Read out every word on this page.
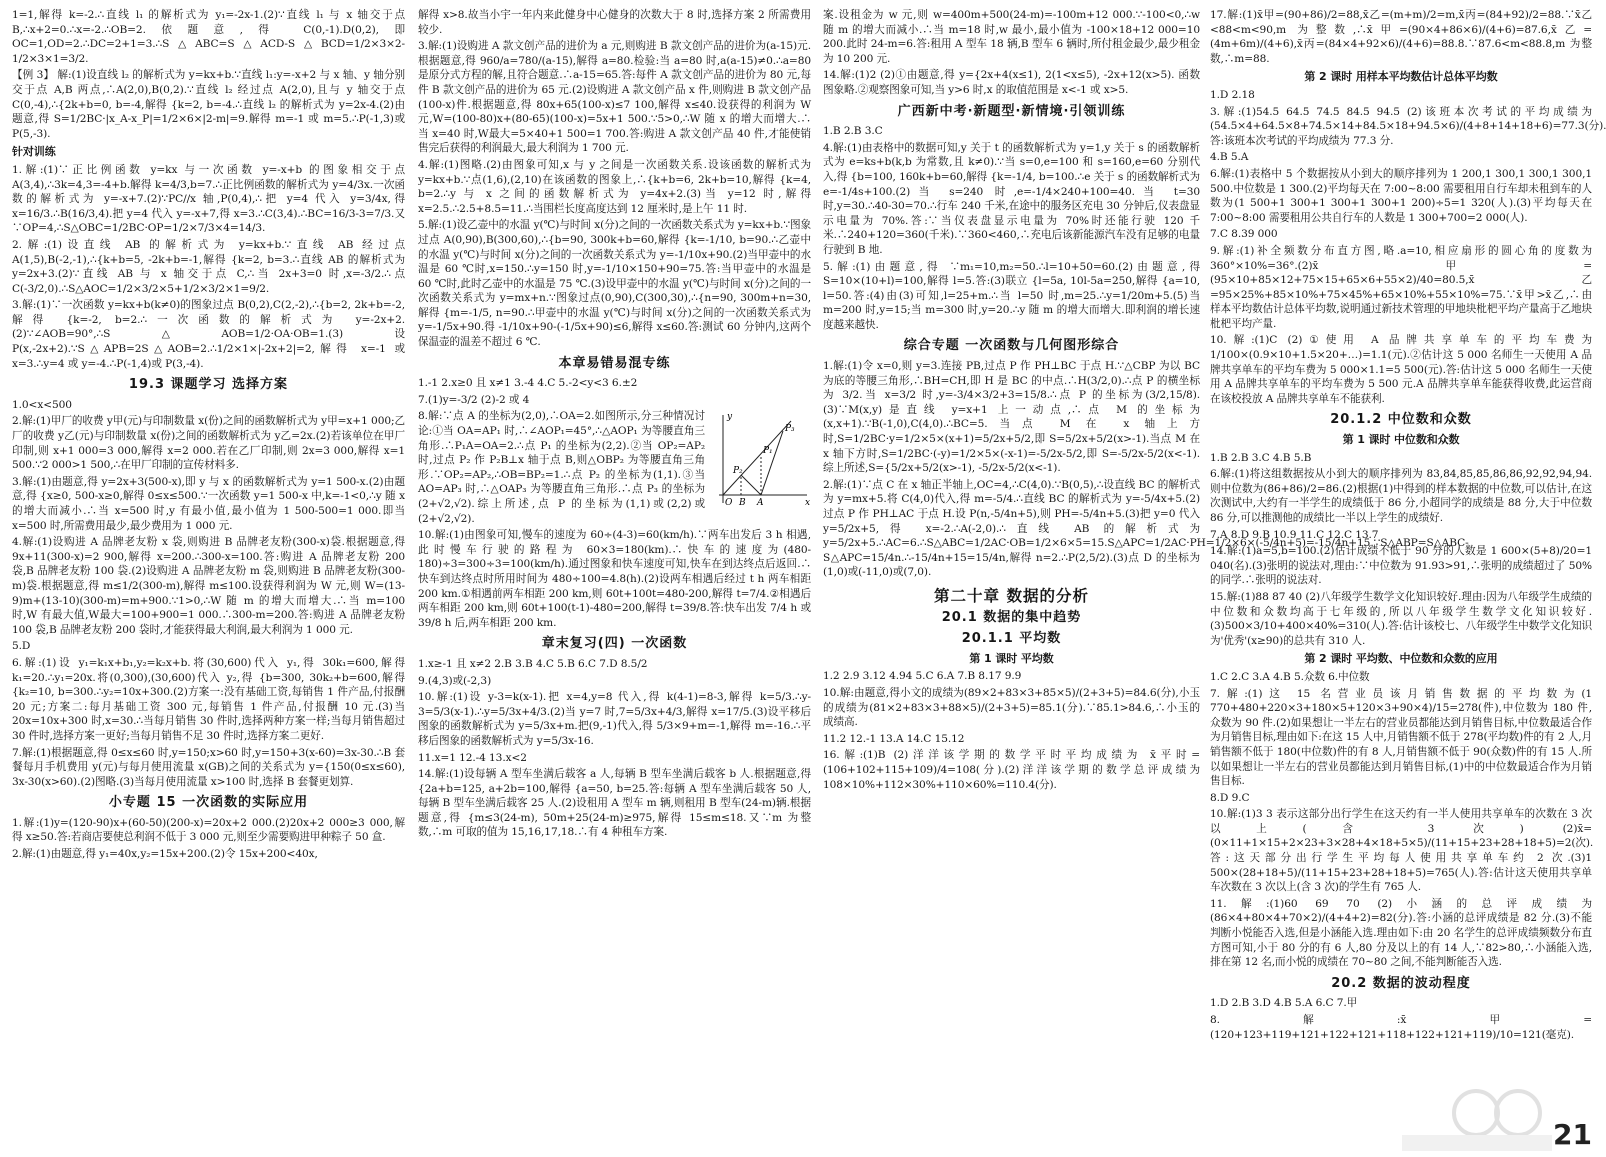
1=1,解得 k=-2.∴直线 l₁ 的解析式为 y₁=-2x-1.(2)∵直线 l₁ 与 x 轴交于点 B,∴x+2=0.∴x=-2.∴OB=2.依题意,得 C(0,-1).D(0,2),即 OC=1,OD=2.∴DC=2+1=3.∴S△ABC=S△ACD-S△BCD=1/2×3×2-1/2×3×1=3/2.
【例 3】 解:(1)设直线 l₂ 的解析式为 y=kx+b.∵直线 l₁:y=-x+2 与 x 轴、y 轴分别交于点 A,B 两点,∴A(2,0),B(0,2).∵直线 l₂ 经过点 A(2,0),且与 y 轴交于点 C(0,-4),∴{2k+b=0, b=-4,解得 {k=2, b=-4.∴直线 l₂ 的解析式为 y=2x-4.(2)由题意,得 S=1/2BC·|x_A-x_P|=1/2×6×|2-m|=9.解得 m=-1 或 m=5.∴P(-1,3)或 P(5,-3).
针对训练
1.解:(1)∵正比例函数 y=kx 与一次函数 y=-x+b 的图象相交于点 A(3,4),∴3k=4,3=-4+b.解得 k=4/3,b=7.∴正比例函数的解析式为 y=4/3x.一次函数的解析式为 y=-x+7.(2)∵PC//x 轴,P(0,4),∴把 y=4 代入 y=3/4x,得 x=16/3.∴B(16/3,4).把 y=4 代入 y=-x+7,得 x=3.∴C(3,4).∴BC=16/3-3=7/3.又∵OP=4,∴S△OBC=1/2BC·OP=1/2×7/3×4=14/3.
2.解:(1)设直线 AB 的解析式为 y=kx+b.∵直线 AB 经过点 A(1,5),B(-2,-1),∴{k+b=5, -2k+b=-1,解得 {k=2, b=3.∴直线 AB 的解析式为 y=2x+3.(2)∵直线 AB 与 x 轴交于点 C,∴当 2x+3=0 时,x=-3/2.∴点 C(-3/2,0).∴S△AOC=1/2×3/2×5+1/2×3/2×1=9/2.
3.解:(1)∵一次函数 y=kx+b(k≠0)的图象过点 B(0,2),C(2,-2),∴{b=2, 2k+b=-2,解得 {k=-2, b=2.∴一次函数的解析式为 y=-2x+2.(2)∵∠AOB=90°,∴S△AOB=1/2·OA·OB=1.(3)设 P(x,-2x+2).∵S△APB=2S△AOB=2.∴1/2×1×|-2x+2|=2,解得 x=-1 或 x=3.∴y=4 或 y=-4.∴P(-1,4)或 P(3,-4).
19.3 课题学习 选择方案
1.0<x<500
2.解:(1)甲厂的收费 y甲(元)与印制数量 x(份)之间的函数解析式为 y甲=x+1 000;乙厂的收费 y乙(元)与印制数量 x(份)之间的函数解析式为 y乙=2x.(2)若该单位在甲厂印制,则 x+1 000=3 000,解得 x=2 000.若在乙厂印制,则 2x=3 000,解得 x=1 500.∵2 000>1 500,∴在甲厂印制的宣传材料多.
3.解:(1)由题意,得 y=2x+3(500-x),即 y 与 x 的函数解析式为 y=1 500-x.(2)由题意,得 {x≥0, 500-x≥0,解得 0≤x≤500.∵一次函数 y=1 500-x 中,k=-1<0,∴y 随 x 的增大而减小.∴当 x=500 时,y 有最小值,最小值为 1 500-500=1 000.即当 x=500 时,所需费用最少,最少费用为 1 000 元.
4.解:(1)设购进 A 品牌老友粉 x 袋,则购进 B 品牌老友粉(300-x)袋.根据题意,得 9x+11(300-x)=2 900,解得 x=200.∴300-x=100.答:购进 A 品牌老友粉 200 袋,B 品牌老友粉 100 袋.(2)设购进 A 品牌老友粉 m 袋,则购进 B 品牌老友粉(300-m)袋.根据题意,得 m≤1/2(300-m),解得 m≤100.设获得利润为 W 元,则 W=(13-9)m+(13-10)(300-m)=m+900.∵1>0,∴W 随 m 的增大而增大.∴当 m=100 时,W 有最大值,W最大=100+900=1 000.∴300-m=200.答:购进 A 品牌老友粉 100 袋,B 品牌老友粉 200 袋时,才能获得最大利润,最大利润为 1 000 元.
5.D
6.解:(1)设 y₁=k₁x+b₁,y₂=k₂x+b.将(30,600)代入 y₁,得 30k₁=600,解得 k₁=20.∴y₁=20x.将(0,300),(30,600)代入 y₂,得 {b=300, 30k₂+b=600,解得 {k₂=10, b=300.∴y₂=10x+300.(2)方案一:没有基础工资,每销售 1 件产品,付报酬 20 元;方案二:每月基础工资 300 元,每销售 1 件产品,付报酬 10 元.(3)当 20x=10x+300 时,x=30.∴当每月销售 30 件时,选择两种方案一样;当每月销售超过 30 件时,选择方案一更好;当每月销售不足 30 件时,选择方案二更好.
7.解:(1)根据题意,得 0≤x≤60 时,y=150;x>60 时,y=150+3(x-60)=3x-30.∴B 套餐每月手机费用 y(元)与每月使用流量 x(GB)之间的关系式为 y={150(0≤x≤60), 3x-30(x>60).(2)图略.(3)当每月使用流量 x>100 时,选择 B 套餐更划算.
小专题 15 一次函数的实际应用
1.解:(1)y=(120-90)x+(60-50)(200-x)=20x+2 000.(2)20x+2 000≥3 000,解得 x≥50.答:若商店要使总利润不低于 3 000 元,则至少需要购进甲种粽子 50 盒.
2.解:(1)由题意,得 y₁=40x,y₂=15x+200.(2)令 15x+200<40x,
解得 x>8.故当小宇一年内来此健身中心健身的次数大于 8 时,选择方案 2 所需费用较少.
3.解:(1)设购进 A 款文创产品的进价为 a 元,则购进 B 款文创产品的进价为(a-15)元.根据题意,得 960/a=780/(a-15),解得 a=80.检验:当 a=80 时,a(a-15)≠0.∴a=80 是原分式方程的解,且符合题意.∴a-15=65.答:每件 A 款文创产品的进价为 80 元,每件 B 款文创产品的进价为 65 元.(2)设购进 A 款文创产品 x 件,则购进 B 款文创产品(100-x)件.根据题意,得 80x+65(100-x)≤7 100,解得 x≤40.设获得的利润为 W 元,W=(100-80)x+(80-65)(100-x)=5x+1 500.∵5>0,∴W 随 x 的增大而增大.∴当 x=40 时,W最大=5×40+1 500=1 700.答:购进 A 款文创产品 40 件,才能使销售完后获得的利润最大,最大利润为 1 700 元.
4.解:(1)图略.(2)由图象可知,x 与 y 之间是一次函数关系.设该函数的解析式为 y=kx+b.∵点(1,6),(2,10)在该函数的图象上,∴{k+b=6, 2k+b=10,解得 {k=4, b=2.∴y 与 x 之间的函数解析式为 y=4x+2.(3)当 y=12 时,解得 x=2.5.∴2.5+8.5=11.∴当围栏长度高度达到 12 厘米时,是上午 11 时.
5.解:(1)设乙壶中的水温 y(℃)与时间 x(分)之间的一次函数关系式为 y=kx+b.∵图象过点 A(0,90),B(300,60),∴{b=90, 300k+b=60,解得 {k=-1/10, b=90.∴乙壶中的水温 y(℃)与时间 x(分)之间的一次函数关系式为 y=-1/10x+90.(2)当甲壶中的水温是 60 ℃时,x=150.∴y=150 时,y=-1/10×150+90=75.答:当甲壶中的水温是 60 ℃时,此时乙壶中的水温是 75 ℃.(3)设甲壶中的水温 y(℃)与时间 x(分)之间的一次函数关系式为 y=mx+n.∵图象过点(0,90),C(300,30),∴{n=90, 300m+n=30,解得 {m=-1/5, n=90.∴甲壶中的水温 y(℃)与时间 x(分)之间的一次函数关系式为 y=-1/5x+90.得 -1/10x+90-(-1/5x+90)≤6,解得 x≤60.答:测试 60 分钟内,这两个保温壶的温差不超过 6 ℃.
本章易错易混专练
1.-1 2.x≥0 且 x≠1 3.-4 4.C 5.-2<y<3 6.±2
7.(1)y=-3/2 (2)-2 或 4
O	A
B
P₁
P₂
P₃
x
y
8.解:∵点 A 的坐标为(2,0),∴OA=2.如图所示,分三种情况讨论:①当 OA=AP₁ 时,∴∠AOP₁=45°,∴△AOP₁ 为等腰直角三角形.∴P₁A=OA=2.∴点 P₁ 的坐标为(2,2).②当 OP₂=AP₂ 时,过点 P₂ 作 P₂B⊥x 轴于点 B,则△OBP₂ 为等腰直角三角形.∵OP₂=AP₂,∴OB=BP₂=1.∴点 P₂ 的坐标为(1,1).③当 AO=AP₃ 时,∴△OAP₃ 为等腰直角三角形.∴点 P₃ 的坐标为(2+√2,√2).综上所述,点 P 的坐标为(1,1)或(2,2)或(2+√2,√2).
10.解:(1)由图象可知,慢车的速度为 60÷(4-3)=60(km/h).∵两车出发后 3 h 相遇,此时慢车行驶的路程为 60×3=180(km).∴快车的速度为(480-180)÷3=300÷3=100(km/h).通过图象和快车速度可知,快车在到达终点后返回.∴快车到达终点时所用时间为 480÷100=4.8(h).(2)设两车相遇后经过 t h 两车相距 200 km.①相遇前两车相距 200 km,则 60t+100t=480-200,解得 t=7/4.②相遇后两车相距 200 km,则 60t+100(t-1)-480=200,解得 t=39/8.答:快车出发 7/4 h 或 39/8 h 后,两车相距 200 km.
章末复习(四) 一次函数
1.x≥-1 且 x≠2 2.B 3.B 4.C 5.B 6.C 7.D 8.5/2
9.(4,3)或(-2,3)
10.解:(1)设 y-3=k(x-1).把 x=4,y=8 代入,得 k(4-1)=8-3,解得 k=5/3.∴y-3=5/3(x-1).∴y=5/3x+4/3.(2)当 y=7 时,7=5/3x+4/3,解得 x=17/5.(3)设平移后图象的函数解析式为 y=5/3x+m.把(9,-1)代入,得 5/3×9+m=-1,解得 m=-16.∴平移后图象的函数解析式为 y=5/3x-16.
11.x=1 12.-4 13.x<2
14.解:(1)设每辆 A 型车坐满后载客 a 人,每辆 B 型车坐满后载客 b 人.根据题意,得 {2a+b=125, a+2b=100,解得 {a=50, b=25.答:每辆 A 型车坐满后载客 50 人,每辆 B 型车坐满后载客 25 人.(2)设租用 A 型车 m 辆,则租用 B 型车(24-m)辆.根据题意,得 {m≤3(24-m), 50m+25(24-m)≥975,解得 15≤m≤18.又∵m 为整数,∴m 可取的值为 15,16,17,18.∴有 4 种租车方案.
案.设租金为 w 元,则 w=400m+500(24-m)=-100m+12 000.∵-100<0,∴w 随 m 的增大而减小.∴当 m=18 时,w 最小,最小值为 -100×18+12 000=10 200.此时 24-m=6.答:租用 A 型车 18 辆,B 型车 6 辆时,所付租金最少,最少租金为 10 200 元.
14.解:(1)2 (2)①由题意,得 y={2x+4(x≤1), 2(1<x≤5), -2x+12(x>5). 函数图象略.②观察图象可知,当 y>6 时,x 的取值范围是 x<-1 或 x>5.
广西新中考·新题型·新情境·引领训练
1.B 2.B 3.C
4.解:(1)由表格中的数据可知,y 关于 t 的函数解析式为 y=1,y 关于 s 的函数解析式为 e=ks+b(k,b 为常数,且 k≠0).∵当 s=0,e=100 和 s=160,e=60 分别代入,得 {b=100, 160k+b=60,解得 {k=-1/4, b=100.∴e 关于 s 的函数解析式为 e=-1/4s+100.(2)当 s=240 时,e=-1/4×240+100=40.当 t=30 时,y=30.∴40-30=70.∴行车 240 千米,在途中的服务区充电 30 分钟后,仪表盘显示电量为 70%.答:∵当仪表盘显示电量为 70%时还能行驶 120 千米.∴240+120=360(千米).∵360<460,∴充电后该新能源汽车没有足够的电量行驶到 B 地.
5.解:(1)由题意,得 ∵m₁=10,m₂=50.∴l=10+50=60.(2)由题意,得 S=10×(10+l)=100,解得 l=5.答:(3)联立 {l=5a, 10l-5a=250,解得 {a=10, l=50.答:(4)由(3)可知,l=25+m.∴当 l=50 时,m=25.∴y=1/20m+5.(5)当 m=200 时,y=15;当 m=300 时,y=20.∴y 随 m 的增大而增大.即利润的增长速度越来越快.
综合专题 一次函数与几何图形综合
1.解:(1)令 x=0,则 y=3.连接 PB,过点 P 作 PH⊥BC 于点 H.∵△CBP 为以 BC 为底的等腰三角形,∴BH=CH,即 H 是 BC 的中点.∴H(3/2,0).∴点 P 的横坐标为 3/2.当 x=3/2 时,y=-3/4×3/2+3=15/8.∴点 P 的坐标为(3/2,15/8).(3)∵M(x,y)是直线 y=x+1 上一动点,∴点 M 的坐标为(x,x+1).∵B(-1,0),C(4,0).∴BC=5.当点 M 在 x 轴上方时,S=1/2BC·y=1/2×5×(x+1)=5/2x+5/2,即 S=5/2x+5/2(x>-1).当点 M 在 x 轴下方时,S=1/2BC·(-y)=1/2×5×(-x-1)=-5/2x-5/2,即 S=-5/2x-5/2(x<-1).综上所述,S={5/2x+5/2(x>-1), -5/2x-5/2(x<-1).
2.解:(1)∵点 C 在 x 轴正半轴上,OC=4,∴C(4,0).∵B(0,5),∴设直线 BC 的解析式为 y=mx+5.将 C(4,0)代入,得 m=-5/4.∴直线 BC 的解析式为 y=-5/4x+5.(2)过点 P 作 PH⊥AC 于点 H.设 P(n,-5/4n+5),则 PH=-5/4n+5.(3)把 y=0 代入 y=5/2x+5,得 x=-2.∴A(-2,0).∴直线 AB 的解析式为 y=5/2x+5.∴AC=6.∴S△ABC=1/2AC·OB=1/2×6×5=15.S△APC=1/2AC·PH=1/2×6×(-5/4n+5)=-15/4n+15.∵S△ABP=S△ABC-S△APC=15/4n.∴-15/4n+15=15/4n,解得 n=2.∴P(2,5/2).(3)点 D 的坐标为(1,0)或(-11,0)或(7,0).
第二十章 数据的分析
20.1 数据的集中趋势
20.1.1 平均数
第 1 课时 平均数
1.2 2.9 3.12 4.94 5.C 6.A 7.B 8.17 9.9
10.解:由题意,得小文的成绩为(89×2+83×3+85×5)/(2+3+5)=84.6(分),小玉的成绩为(81×2+83×3+88×5)/(2+3+5)=85.1(分).∵85.1>84.6,∴小玉的成绩高.
11.2 12.-1 13.A 14.C 15.12
16.解:(1)B (2)洋洋该学期的数学平时平均成绩为 x̄平时=(106+102+115+109)/4=108(分).(2)洋洋该学期的数学总评成绩为 108×10%+112×30%+110×60%=110.4(分).
17.解:(1)x̄甲=(90+86)/2=88,x̄乙=(m+m)/2=m,x̄丙=(84+92)/2=88.∵x̄乙<88<m<90,m 为整数,∴x̄甲=(90×4+86×6)/(4+6)=87.6,x̄乙=(4m+6m)/(4+6),x̄丙=(84×4+92×6)/(4+6)=88.8.∵87.6<m<88.8,m 为整数,∴m=88.
第 2 课时 用样本平均数估计总体平均数
1.D 2.18
3.解:(1)54.5 64.5 74.5 84.5 94.5 (2)该班本次考试的平均成绩为(54.5×4+64.5×8+74.5×14+84.5×18+94.5×6)/(4+8+14+18+6)=77.3(分).答:该班本次考试的平均成绩为 77.3 分.
4.B 5.A
6.解:(1)表格中 5 个数据按从小到大的顺序排列为 1 200,1 300,1 300,1 300,1 500.中位数是 1 300.(2)平均每天在 7:00~8:00 需要租用自行车却未租到车的人数为(1 500+1 300+1 300+1 300+1 200)÷5=1 320(人).(3)平均每天在 7:00~8:00 需要租用公共自行车的人数是 1 300+700=2 000(人).
7.C 8.39 000
9.解:(1)补全频数分布直方图,略.a=10,相应扇形的圆心角的度数为 360°×10%=36°.(2)x̄甲=(95×10+85×12+75×15+65×6+55×2)/40=80.5,x̄乙=95×25%+85×10%+75×45%+65×10%+55×10%=75.∵x̄甲>x̄乙,∴由样本平均数估计总体平均数,说明通过新技术管理的甲地块枇杷平均产量高于乙地块枇杷平均产量.
10.解:(1)C (2)①使用 A 品牌共享单车的平均车费为 1/100×(0.9×10+1.5×20+…)=1.1(元).②估计这 5 000 名师生一天使用 A 品牌共享单车的平均车费为 5 000×1.1=5 500(元).答:估计这 5 000 名师生一天使用 A 品牌共享单车的平均车费为 5 500 元.A 品牌共享单车能获得收费,此运营商在该校投放 A 品牌共享单车不能获利.
20.1.2 中位数和众数
第 1 课时 中位数和众数
1.B 2.B 3.C 4.B 5.B
6.解:(1)将这组数据按从小到大的顺序排列为 83,84,85,85,86,86,92,92,94,94.则中位数为(86+86)/2=86.(2)根据(1)中得到的样本数据的中位数,可以估计,在这次测试中,大约有一半学生的成绩低于 86 分,小超同学的成绩是 88 分,大于中位数 86 分,可以推测他的成绩比一半以上学生的成绩好.
7.A 8.D 9.B 10.9 11.C 12.C 13.7
14.解:(1)a=5,b=100.(2)估计成绩不低于 90 分的人数是 1 600×(5+8)/20=1 040(名).(3)张明的说法对,理由:∵中位数为 91.93>91,∴张明的成绩超过了 50%的同学.∴张明的说法对.
15.解:(1)88 87 40 (2)八年级学生数学文化知识较好.理由:因为八年级学生成绩的中位数和众数均高于七年级的,所以八年级学生数学文化知识较好.(3)500×3/10+400×40%=310(人).答:估计该校七、八年级学生中数学文化知识为'优秀'(x≥90)的总共有 310 人.
第 2 课时 平均数、中位数和众数的应用
1.C 2.C 3.A 4.B 5.众数 6.中位数
7.解:(1)这 15 名营业员该月销售数据的平均数为(1 770+480+220×3+180×5+120×3+90×4)/15=278(件),中位数为 180 件,众数为 90 件.(2)如果想让一半左右的营业员都能达到月销售目标,中位数最适合作为月销售目标,理由如下:在这 15 人中,月销售额不低于 278(平均数)件的有 2 人,月销售额不低于 180(中位数)件的有 8 人,月销售额不低于 90(众数)件的有 15 人.所以如果想让一半左右的营业员都能达到月销售目标,(1)中的中位数最适合作为月销售目标.
8.D 9.C
10.解:(1)3 3 表示这部分出行学生在这天约有一半人使用共享单车的次数在 3 次以上(含 3 次) (2)x̄=(0×11+1×15+2×23+3×28+4×18+5×5)/(11+15+23+28+18+5)=2(次).答:这天部分出行学生平均每人使用共享单车约 2 次.(3)1 500×(28+18+5)/(11+15+23+28+18+5)=765(人).答:估计这天使用共享单车次数在 3 次以上(含 3 次)的学生有 765 人.
11.解:(1)60 69 70 (2)小涵的总评成绩为(86×4+80×4+70×2)/(4+4+2)=82(分).答:小涵的总评成绩是 82 分.(3)不能判断小悦能否入选,但是小涵能入选.理由如下:由 20 名学生的总评成绩频数分布直方图可知,小于 80 分的有 6 人,80 分及以上的有 14 人,∵82>80,∴小涵能入选,排在第 12 名,而小悦的成绩在 70~80 之间,不能判断能否入选.
20.2 数据的波动程度
1.D 2.B 3.D 4.B 5.A 6.C 7.甲
8.解:x̄甲=(120+123+119+121+122+121+118+122+121+119)/10=121(毫克).
21
